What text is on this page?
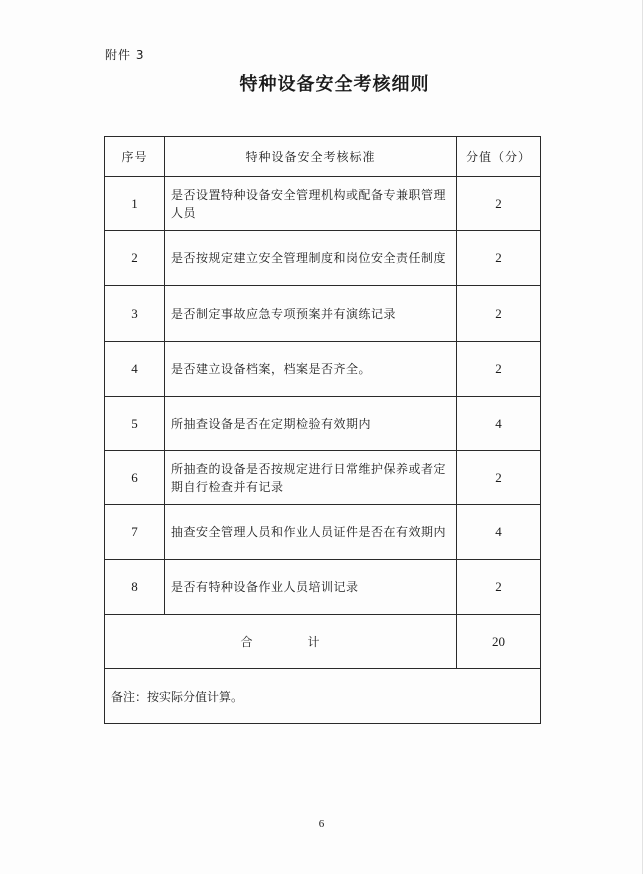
附件 3
特种设备安全考核细则
序号	特种设备安全考核标准	分值（分）
1	是否设置特种设备安全管理机构或配备专兼职管理人员	2
2	是否按规定建立安全管理制度和岗位安全责任制度	2
3	是否制定事故应急专项预案并有演练记录	2
4	是否建立设备档案，档案是否齐全。	2
5	所抽查设备是否在定期检验有效期内	4
6	所抽查的设备是否按规定进行日常维护保养或者定期自行检查并有记录	2
7	抽查安全管理人员和作业人员证件是否在有效期内	4
8	是否有特种设备作业人员培训记录	2
合 计		20
备注：按实际分值计算。		
6
